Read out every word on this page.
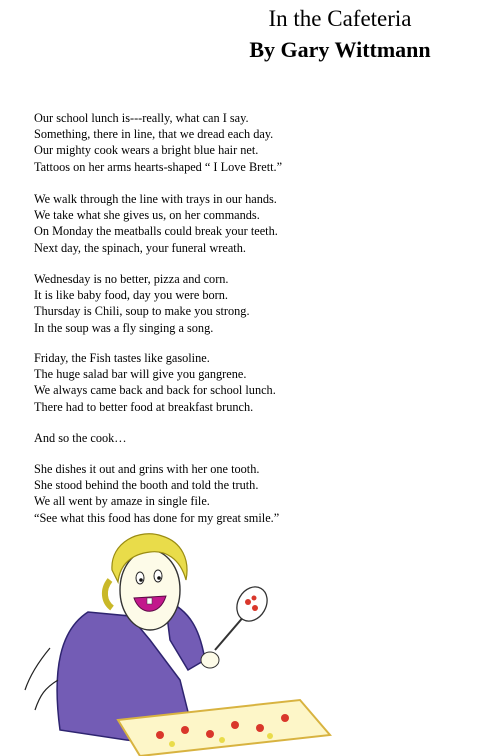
In the Cafeteria
By Gary Wittmann
Our school lunch is---really, what can I say.
Something, there in line, that we dread each day.
Our mighty cook wears a bright blue hair net.
Tattoos on her arms hearts-shaped “ I Love Brett.”
We walk through the line with trays in our hands.
We take what she gives us, on her commands.
On Monday the meatballs could break your teeth.
Next day, the spinach, your funeral wreath.
Wednesday is no better, pizza and corn.
It is like baby food, day you were born.
Thursday is Chili, soup to make you strong.
In the soup was a fly singing a song.
Friday, the Fish tastes like gasoline.
The huge salad bar will give you gangrene.
We always came back and back for school lunch.
There had to better food at breakfast brunch.
And so the cook…
She dishes it out and grins with her one tooth.
She stood behind the booth and told the truth.
We all went by amaze in single file.
“See what this food has done for my great smile.”
